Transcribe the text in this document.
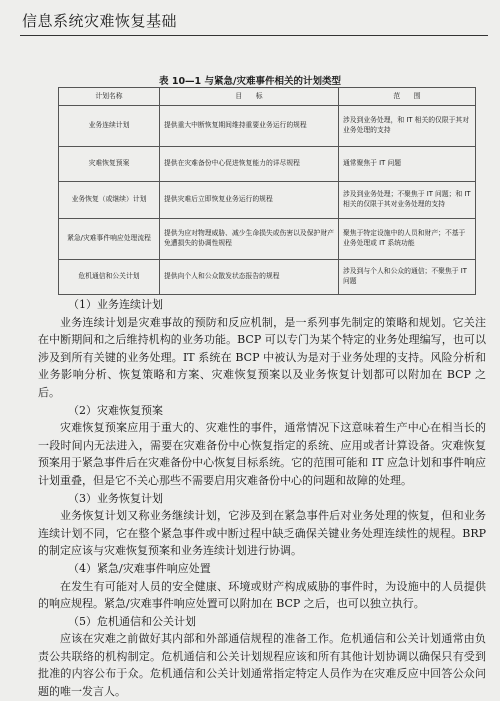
信息系统灾难恢复基础
表 10—1 与紧急/灾难事件相关的计划类型
计划名称	目　　标	范　　围
业务连续计划	提供重大中断恢复期间维持重要业务运行的规程	涉及到业务处理，和 IT 相关的仅限于其对业务处理的支持
灾难恢复预案	提供在灾难备份中心促进恢复能力的详尽规程	通常聚焦于 IT 问题
业务恢复（或继续）计划	提供灾难后立即恢复业务运行的规程	涉及到业务处理；不聚焦于 IT 问题；和 IT 相关的仅限于其对业务处理的支持
紧急/灾难事件响应处理流程	提供为应对物理威胁、减少生命损失或伤害以及保护财产免遭损失的协调性规程	聚焦于特定设施中的人员和财产；不基于业务处理或 IT 系统功能
危机通信和公关计划	提供向个人和公众散发状态报告的规程	涉及到与个人和公众的通信；不聚焦于 IT 问题
（1）业务连续计划

业务连续计划是灾难事故的预防和反应机制，是一系列事先制定的策略和规划。它关注在中断期间和之后维持机构的业务功能。BCP 可以专门为某个特定的业务处理编写，也可以涉及到所有关键的业务处理。IT 系统在 BCP 中被认为是对于业务处理的支持。风险分析和业务影响分析、恢复策略和方案、灾难恢复预案以及业务恢复计划都可以附加在 BCP 之后。

（2）灾难恢复预案

灾难恢复预案应用于重大的、灾难性的事件，通常情况下这意味着生产中心在相当长的一段时间内无法进入，需要在灾难备份中心恢复指定的系统、应用或者计算设备。灾难恢复预案用于紧急事件后在灾难备份中心恢复目标系统。它的范围可能和 IT 应急计划和事件响应计划重叠，但是它不关心那些不需要启用灾难备份中心的问题和故障的处理。

（3）业务恢复计划

业务恢复计划又称业务继续计划，它涉及到在紧急事件后对业务处理的恢复，但和业务连续计划不同，它在整个紧急事件或中断过程中缺乏确保关键业务处理连续性的规程。BRP 的制定应该与灾难恢复预案和业务连续计划进行协调。

（4）紧急/灾难事件响应处置

在发生有可能对人员的安全健康、环境或财产构成威胁的事件时，为设施中的人员提供的响应规程。紧急/灾难事件响应处置可以附加在 BCP 之后，也可以独立执行。

（5）危机通信和公关计划

应该在灾难之前做好其内部和外部通信规程的准备工作。危机通信和公关计划通常由负责公共联络的机构制定。危机通信和公关计划规程应该和所有其他计划协调以确保只有受到批准的内容公布于众。危机通信和公关计划通常指定特定人员作为在灾难反应中回答公众问题的唯一发言人。
